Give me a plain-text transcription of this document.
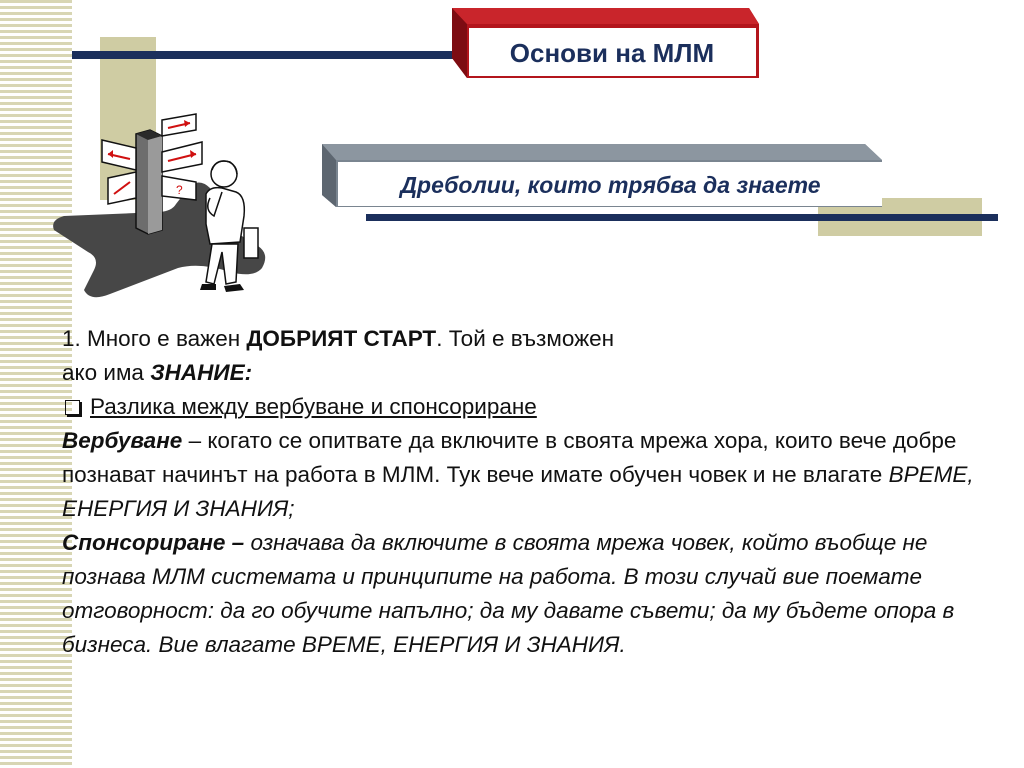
Основи на МЛМ
Дреболии, които трябва да знаете
?

1. Много е важен ДОБРИЯТ СТАРТ. Той е възможен

ако има ЗНАНИЕ:

Разлика между вербуване и спонсориране

Вербуване – когато се опитвате да включите в своята мрежа хора, които вече добре познават начинът на работа в МЛМ. Тук вече имате обучен човек и не влагате ВРЕМЕ, ЕНЕРГИЯ И ЗНАНИЯ;

Спонсориране – означава да включите в своята мрежа човек, който въобще не познава МЛМ системата и принципите на работа. В този случай вие поемате отговорност: да го обучите напълно; да му давате съвети; да му бъдете опора в бизнеса. Вие влагате ВРЕМЕ, ЕНЕРГИЯ И ЗНАНИЯ.
